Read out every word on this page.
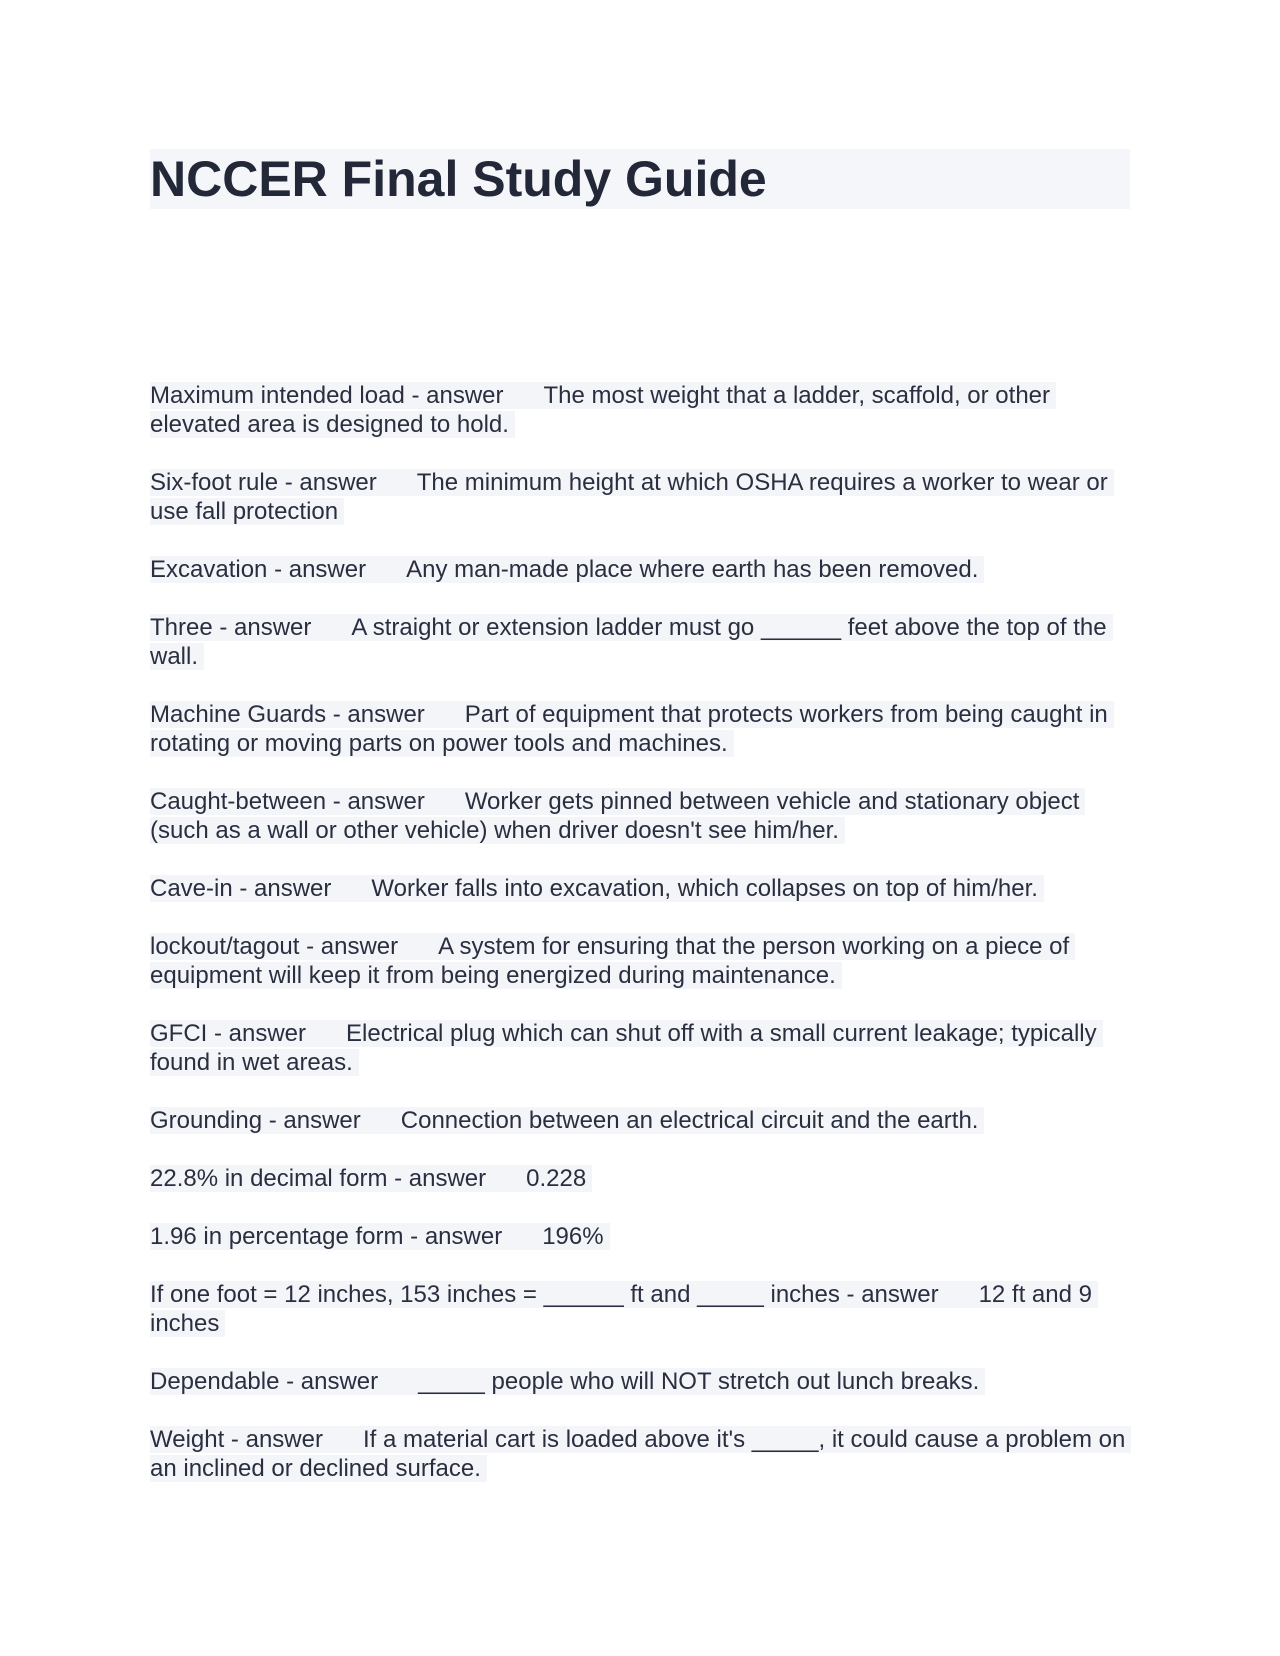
NCCER Final Study Guide

Maximum intended load - answer The most weight that a ladder, scaffold, or other elevated area is designed to hold.

Six-foot rule - answer The minimum height at which OSHA requires a worker to wear or use fall protection

Excavation - answer Any man-made place where earth has been removed.

Three - answer A straight or extension ladder must go ______ feet above the top of the wall.

Machine Guards - answer Part of equipment that protects workers from being caught in rotating or moving parts on power tools and machines.

Caught-between - answer Worker gets pinned between vehicle and stationary object (such as a wall or other vehicle) when driver doesn't see him/her.

Cave-in - answer Worker falls into excavation, which collapses on top of him/her.

lockout/tagout - answer A system for ensuring that the person working on a piece of equipment will keep it from being energized during maintenance.

GFCI - answer Electrical plug which can shut off with a small current leakage; typically found in wet areas.

Grounding - answer Connection between an electrical circuit and the earth.

22.8% in decimal form - answer 0.228

1.96 in percentage form - answer 196%

If one foot = 12 inches, 153 inches = ______ ft and _____ inches - answer 12 ft and 9 inches

Dependable - answer _____ people who will NOT stretch out lunch breaks.

Weight - answer If a material cart is loaded above it's _____, it could cause a problem on an inclined or declined surface.
